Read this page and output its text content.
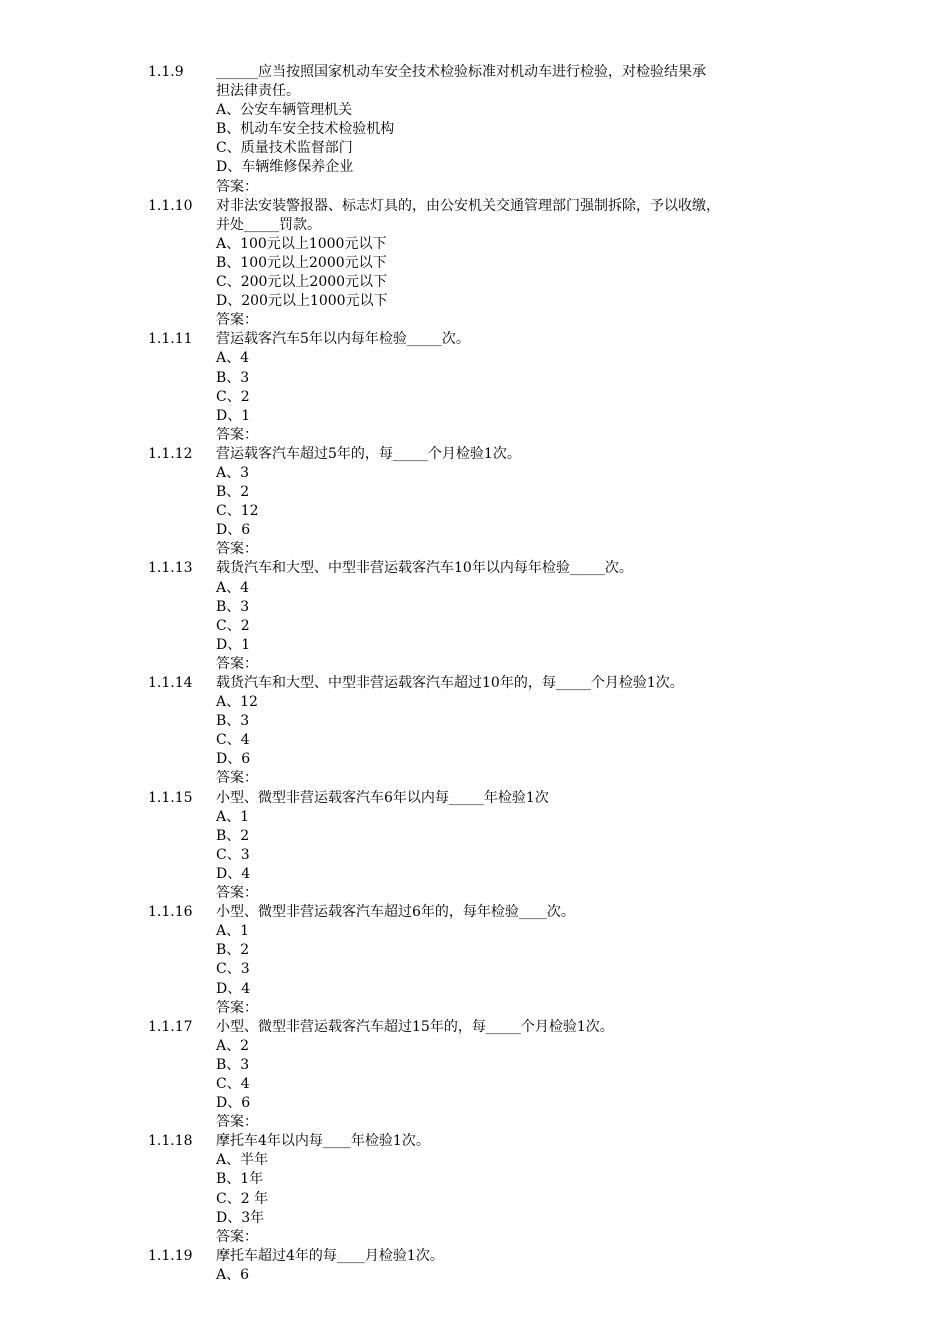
1.1.9	______应当按照国家机动车安全技术检验标准对机动车进行检验，对检验结果承
担法律责任。
A、公安车辆管理机关
B、机动车安全技术检验机构
C、质量技术监督部门
D、车辆维修保养企业
答案：
1.1.10	对非法安装警报器、标志灯具的，由公安机关交通管理部门强制拆除，予以收缴，
并处_____罚款。
A、100元以上1000元以下
B、100元以上2000元以下
C、200元以上2000元以下
D、200元以上1000元以下
答案：
1.1.11	营运载客汽车5年以内每年检验_____次。
A、4
B、3
C、2
D、1
答案：
1.1.12	营运载客汽车超过5年的，每_____个月检验1次。
A、3
B、2
C、12
D、6
答案：
1.1.13	载货汽车和大型、中型非营运载客汽车10年以内每年检验_____次。
A、4
B、3
C、2
D、1
答案：
1.1.14	载货汽车和大型、中型非营运载客汽车超过10年的，每_____个月检验1次。
A、12
B、3
C、4
D、6
答案：
1.1.15	小型、微型非营运载客汽车6年以内每_____年检验1次
A、1
B、2
C、3
D、4
答案：
1.1.16	小型、微型非营运载客汽车超过6年的，每年检验____次。
A、1
B、2
C、3
D、4
答案：
1.1.17	小型、微型非营运载客汽车超过15年的，每_____个月检验1次。
A、2
B、3
C、4
D、6
答案：
1.1.18	摩托车4年以内每____年检验1次。
A、半年
B、1年
C、2 年
D、3年
答案：
1.1.19	摩托车超过4年的每____月检验1次。
A、6
